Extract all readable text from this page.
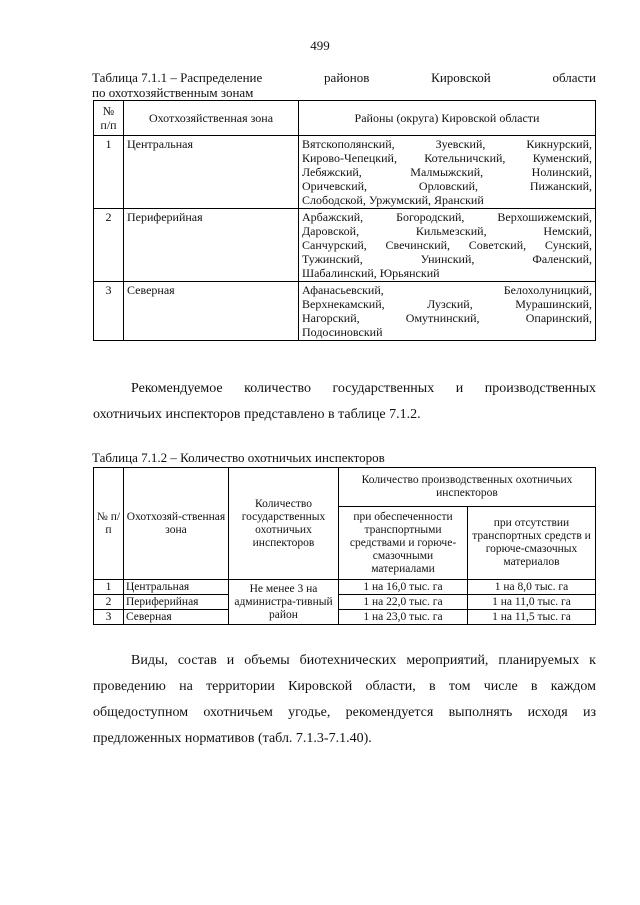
499
Таблица 7.1.1 – Распределение	районов	Кировской	области
по охотхозяйственным зонам
№ п/п	Охотхозяйственная зона	Районы (округа) Кировской области
1	Центральная	Вятскополянский, Зуевский, Кикнурский,
Кирово-Чепецкий, Котельничский, Куменский,
Лебяжский, Малмыжский, Нолинский,
Оричевский, Орловский, Пижанский,
Слободской, Уржумский, Яранский

2	Периферийная	Арбажский, Богородский, Верхошижемский,
Даровской, Кильмезский, Немский,
Санчурский, Свечинский, Советский, Сунский,
Тужинский, Унинский, Фаленский,
Шабалинский, Юрьянский

3	Северная	Афанасьевский, Белохолуницкий,
Верхнекамский, Лузский, Мурашинский,
Нагорский, Омутнинский, Опаринский,
Подосиновский

Рекомендуемое количество государственных и производственных охотничьих инспекторов представлено в таблице 7.1.2.

Таблица 7.1.2 – Количество охотничьих инспекторов
№ п/п	Охотхозяй-ственная зона	Количество государственных охотничьих инспекторов	Количество производственных охотничьих инспекторов	
			при обеспеченности транспортными средствами и горюче-смазочными материалами	при отсутствии транспортных средств и горюче-смазочных материалов
1	Центральная	Не менее 3 на администра-тивный район	1 на 16,0 тыс. га	1 на 8,0 тыс. га
2	Периферийная		1 на 22,0 тыс. га	1 на 11,0 тыс. га
3	Северная		1 на 23,0 тыс. га	1 на 11,5 тыс. га

Виды, состав и объемы биотехнических мероприятий, планируемых к проведению на территории Кировской области, в том числе в каждом общедоступном охотничьем угодье, рекомендуется выполнять исходя из предложенных нормативов (табл. 7.1.3-7.1.40).
